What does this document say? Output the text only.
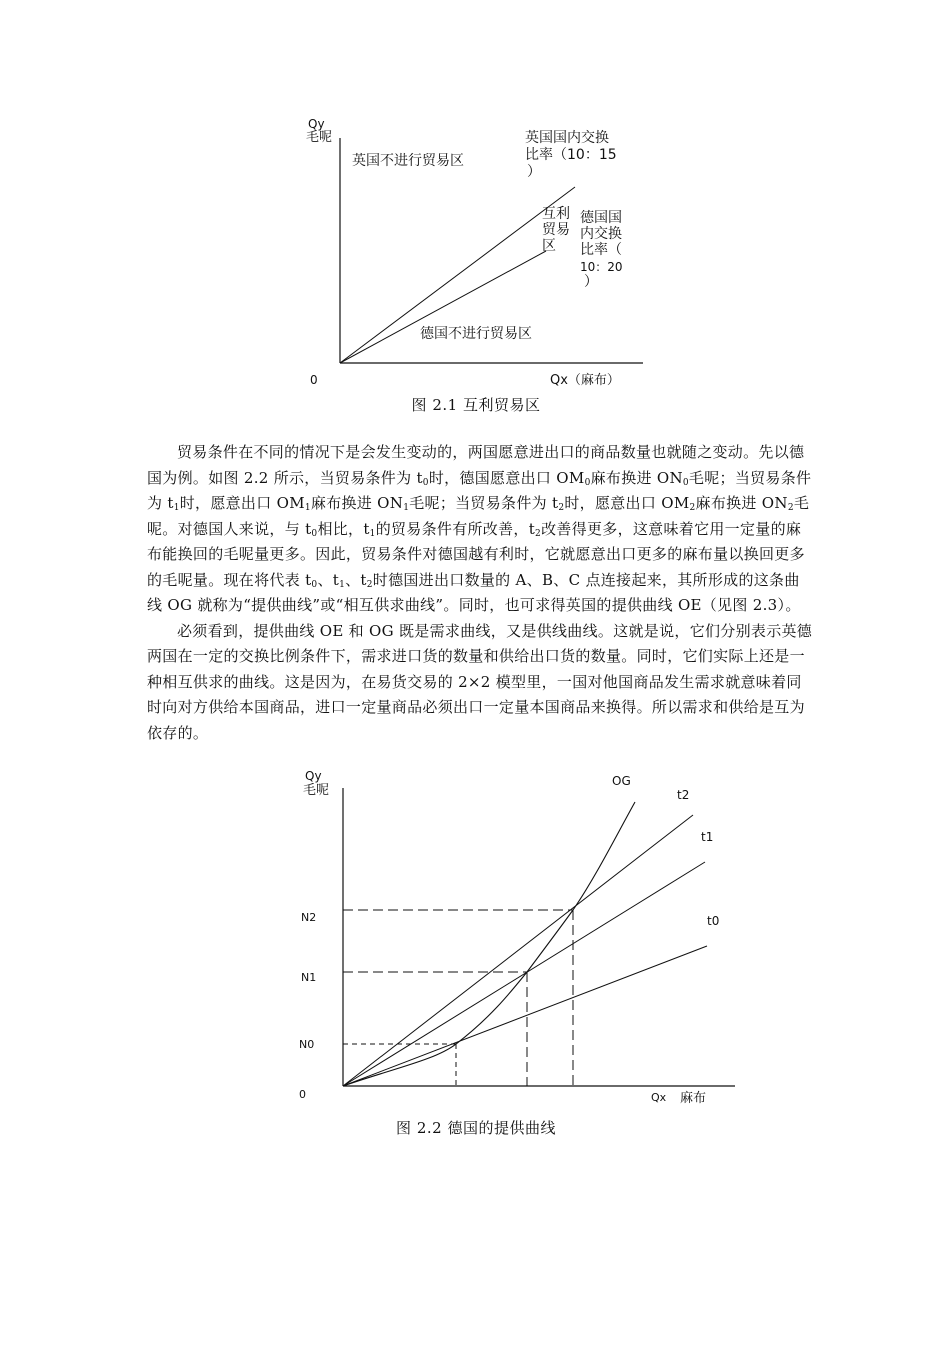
Qy
毛呢
英国不进行贸易区
英国国内交换 比率（10：15 ）
互利 贸易 区
德国国 内交换 比率（ 10：20 ）
德国不进行贸易区
0	Qx（麻布）
图 2.1 互利贸易区

贸易条件在不同的情况下是会发生变动的，两国愿意进出口的商品数量也就随之变动。先以德国为例。如图 2.2 所示，当贸易条件为 $t_0$时，德国愿意出口 $OM_0$麻布换进 $ON_0$毛呢；当贸易条件为 $t_1$时，愿意出口 $OM_1$麻布换进 $ON_1$毛呢；当贸易条件为 $t_2$时，愿意出口 $OM_2$麻布换进 $ON_2$毛呢。对德国人来说，与 $t_0$相比，$t_1$的贸易条件有所改善，$t_2$改善得更多，这意味着它用一定量的麻布能换回的毛呢量更多。因此，贸易条件对德国越有利时，它就愿意出口更多的麻布量以换回更多的毛呢量。现在将代表 $t_0$、$t_1$、$t_2$时德国进出口数量的 A、B、C 点连接起来，其所形成的这条曲线 OG 就称为“提供曲线”或“相互供求曲线”。同时，也可求得英国的提供曲线 OE（见图 2.3）。

必须看到，提供曲线 OE 和 OG 既是需求曲线，又是供线曲线。这就是说，它们分别表示英德两国在一定的交换比例条件下，需求进口货的数量和供给出口货的数量。同时，它们实际上还是一种相互供求的曲线。这是因为，在易货交易的 2×2 模型里，一国对他国商品发生需求就意味着同时向对方供给本国商品，进口一定量商品必须出口一定量本国商品来换得。所以需求和供给是互为依存的。

Qy
毛呢
OG
t2
t1
t0
N2
N1
N0
0	Qx 麻布
图 2.2 德国的提供曲线
